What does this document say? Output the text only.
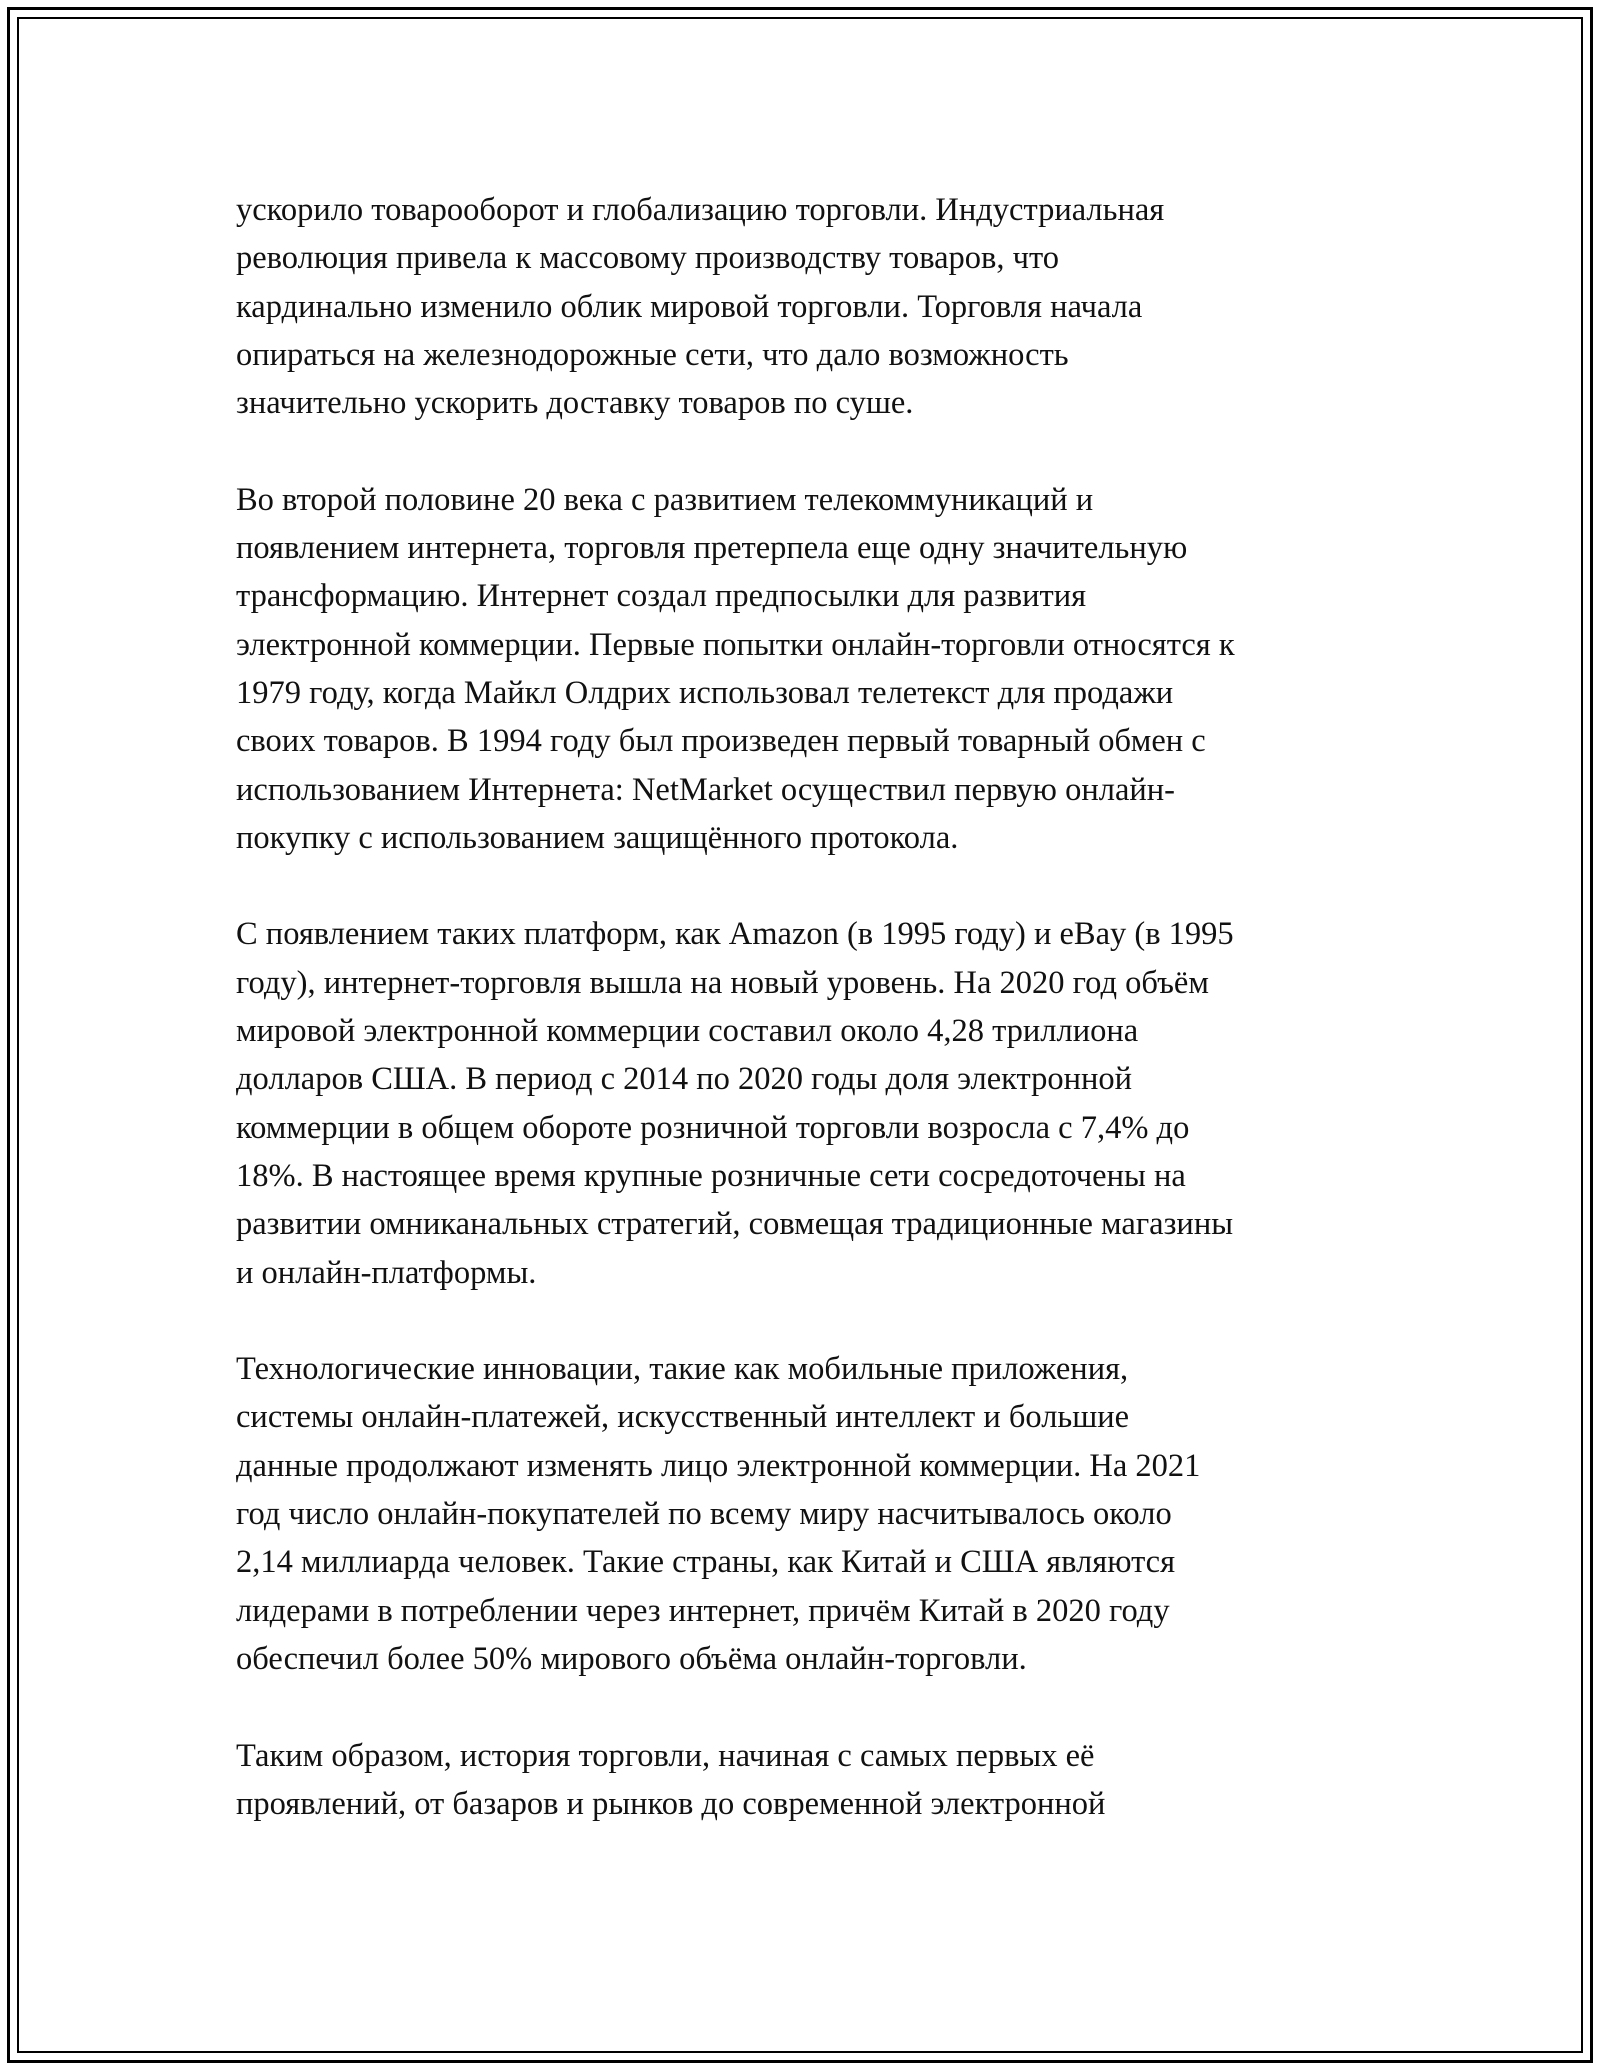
ускорило товарооборот и глобализацию торговли. Индустриальная
революция привела к массовому производству товаров, что
кардинально изменило облик мировой торговли. Торговля начала
опираться на железнодорожные сети, что дало возможность
значительно ускорить доставку товаров по суше.

Во второй половине 20 века с развитием телекоммуникаций и
появлением интернета, торговля претерпела еще одну значительную
трансформацию. Интернет создал предпосылки для развития
электронной коммерции. Первые попытки онлайн-торговли относятся к
1979 году, когда Майкл Олдрих использовал телетекст для продажи
своих товаров. В 1994 году был произведен первый товарный обмен с
использованием Интернета: NetMarket осуществил первую онлайн-
покупку с использованием защищённого протокола.

С появлением таких платформ, как Amazon (в 1995 году) и eBay (в 1995
году), интернет-торговля вышла на новый уровень. На 2020 год объём
мировой электронной коммерции составил около 4,28 триллиона
долларов США. В период с 2014 по 2020 годы доля электронной
коммерции в общем обороте розничной торговли возросла с 7,4% до
18%. В настоящее время крупные розничные сети сосредоточены на
развитии омниканальных стратегий, совмещая традиционные магазины
и онлайн-платформы.

Технологические инновации, такие как мобильные приложения,
системы онлайн-платежей, искусственный интеллект и большие
данные продолжают изменять лицо электронной коммерции. На 2021
год число онлайн-покупателей по всему миру насчитывалось около
2,14 миллиарда человек. Такие страны, как Китай и США являются
лидерами в потреблении через интернет, причём Китай в 2020 году
обеспечил более 50% мирового объёма онлайн-торговли.

Таким образом, история торговли, начиная с самых первых её
проявлений, от базаров и рынков до современной электронной
